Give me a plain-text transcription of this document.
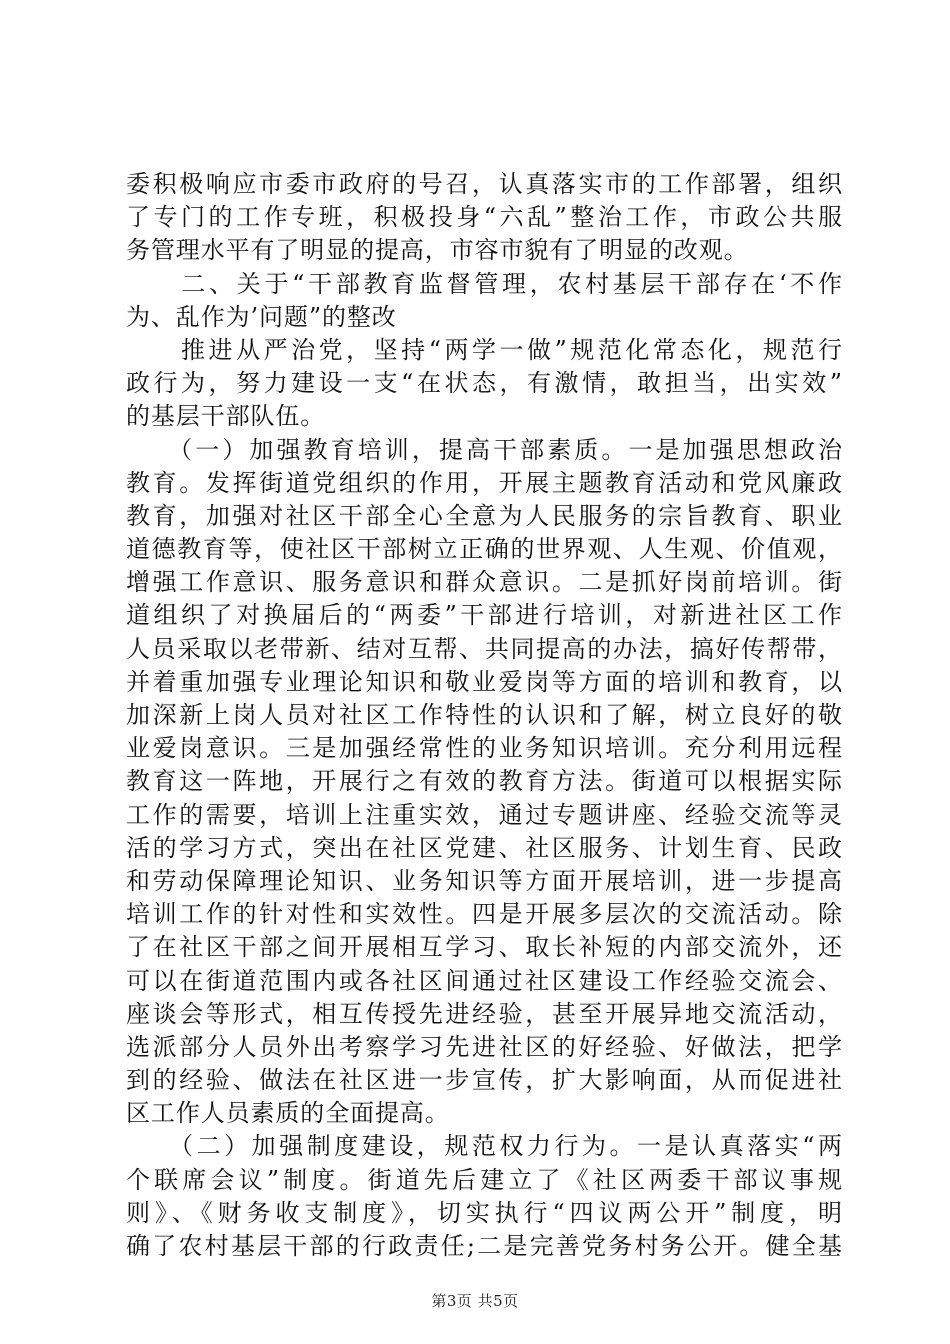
委积极响应市委市政府的号召，认真落实市的工作部署，组织
了专门的工作专班，积极投身“六乱”整治工作，市政公共服
务管理水平有了明显的提高，市容市貌有了明显的改观。
　　二、关于“干部教育监督管理，农村基层干部存在‘不作
为、乱作为’问题”的整改
　　推进从严治党，坚持“两学一做”规范化常态化，规范行
政行为，努力建设一支“在状态，有激情，敢担当，出实效”
的基层干部队伍。
　　（一）加强教育培训，提高干部素质。一是加强思想政治
教育。发挥街道党组织的作用，开展主题教育活动和党风廉政
教育，加强对社区干部全心全意为人民服务的宗旨教育、职业
道德教育等，使社区干部树立正确的世界观、人生观、价值观，
增强工作意识、服务意识和群众意识。二是抓好岗前培训。街
道组织了对换届后的“两委”干部进行培训，对新进社区工作
人员采取以老带新、结对互帮、共同提高的办法，搞好传帮带，
并着重加强专业理论知识和敬业爱岗等方面的培训和教育，以
加深新上岗人员对社区工作特性的认识和了解，树立良好的敬
业爱岗意识。三是加强经常性的业务知识培训。充分利用远程
教育这一阵地，开展行之有效的教育方法。街道可以根据实际
工作的需要，培训上注重实效，通过专题讲座、经验交流等灵
活的学习方式，突出在社区党建、社区服务、计划生育、民政
和劳动保障理论知识、业务知识等方面开展培训，进一步提高
培训工作的针对性和实效性。四是开展多层次的交流活动。除
了在社区干部之间开展相互学习、取长补短的内部交流外，还
可以在街道范围内或各社区间通过社区建设工作经验交流会、
座谈会等形式，相互传授先进经验，甚至开展异地交流活动，
选派部分人员外出考察学习先进社区的好经验、好做法，把学
到的经验、做法在社区进一步宣传，扩大影响面，从而促进社
区工作人员素质的全面提高。
　　（二）加强制度建设，规范权力行为。一是认真落实“两
个联席会议”制度。街道先后建立了《社区两委干部议事规
则》、《财务收支制度》，切实执行“四议两公开”制度，明
确了农村基层干部的行政责任;二是完善党务村务公开。健全基
第3页 共5页
